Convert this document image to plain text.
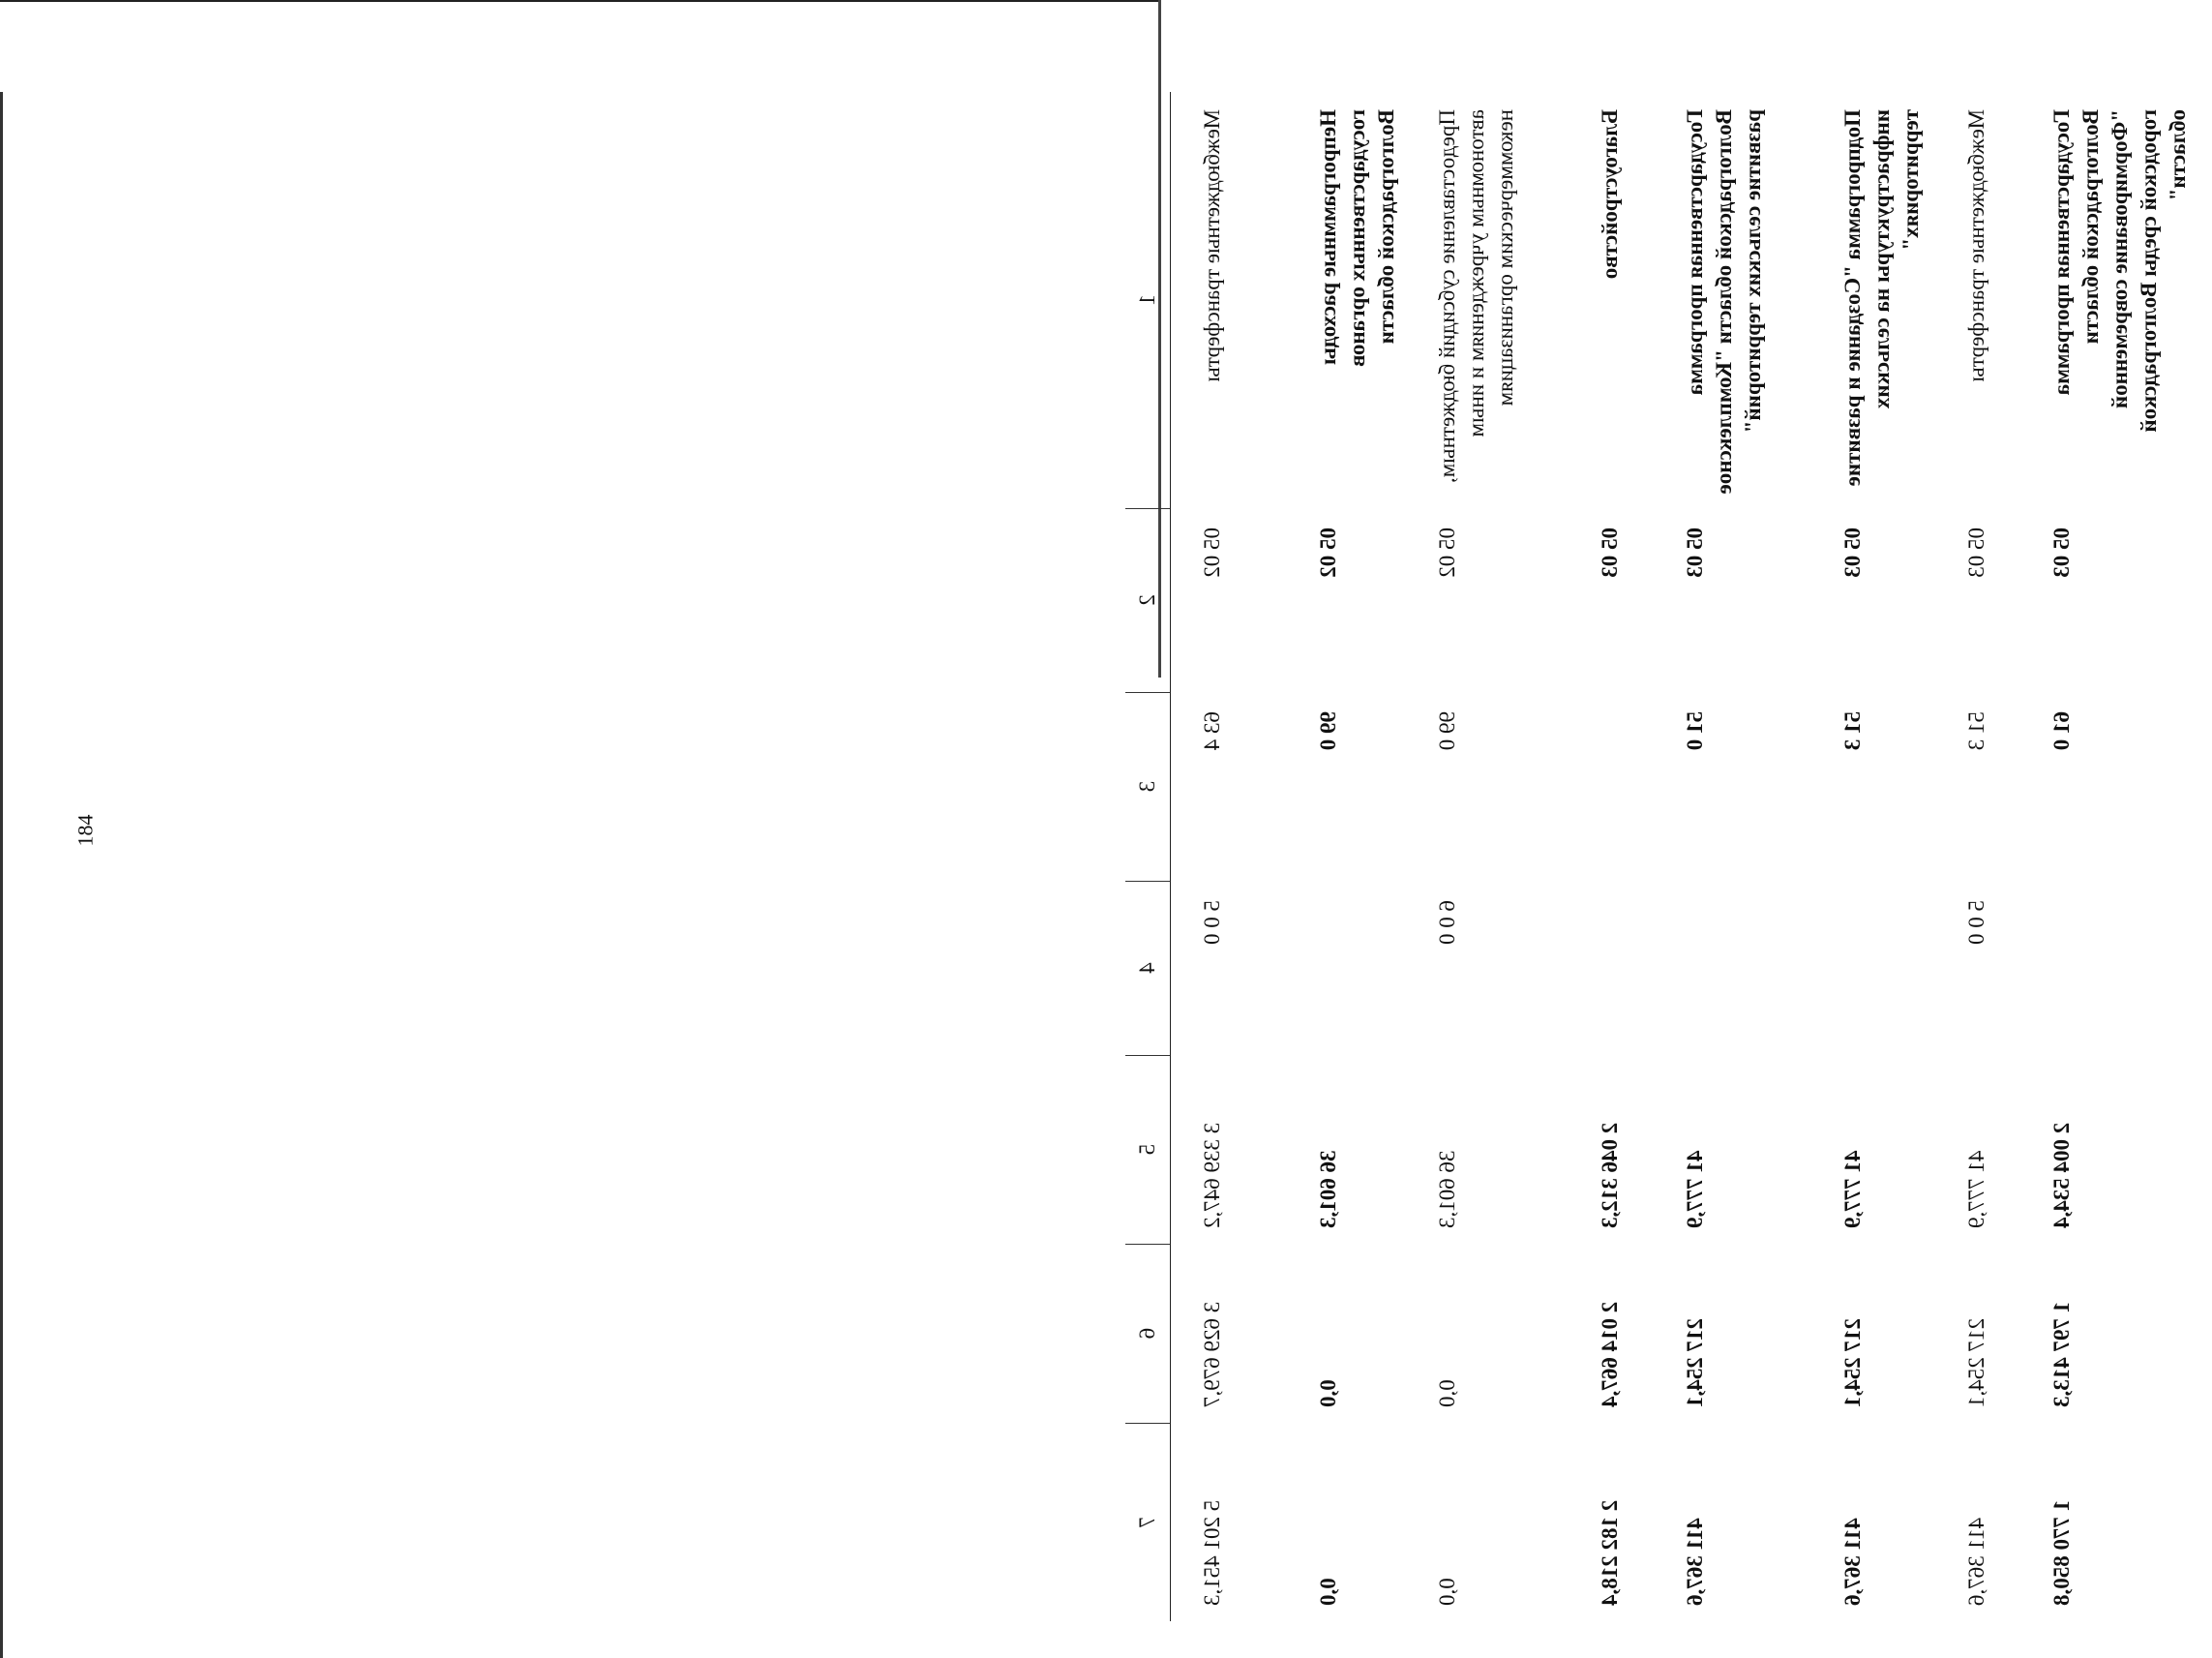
184
1	2	3	4	5	6	7
Межбюджетные трансферты	05 02	63 4	5 0 0	3 339 647,2	3 629 679,7	5 201 451,3
Непрограммные расходы государственных органов Волгоградской области	05 02	99 0		36 601,3	0,0	0,0
Предоставление субсидий бюджетным, автономным учреждениям и иным некоммерческим организациям	05 02	99 0	6 0 0	36 601,3	0,0	0,0
Благоустройство	05 03			2 046 312,3	2 014 667,4	2 182 218,4
Государственная программа Волгоградской области "Комплексное развитие сельских территорий"	05 03	51 0		41 777,9	217 254,1	411 367,6
Подпрограмма "Создание и развитие инфраструктуры на сельских территориях"	05 03	51 3		41 777,9	217 254,1	411 367,6
Межбюджетные трансферты	05 03	51 3	5 0 0	41 777,9	217 254,1	411 367,6
Государственная программа Волгоградской области "Формирование современной городской среды Волгоградской области"	05 03	61 0		2 004 534,4	1 797 413,3	1 770 850,8
